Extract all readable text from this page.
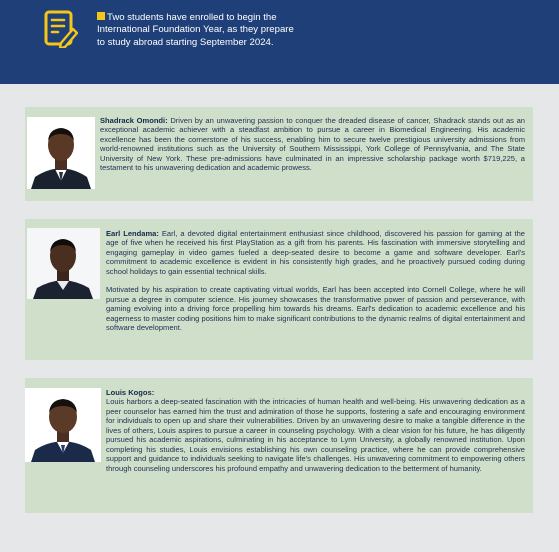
Two students have enrolled to begin the International Foundation Year, as they prepare to study abroad starting September 2024.

Shadrack Omondi: Driven by an unwavering passion to conquer the dreaded disease of cancer, Shadrack stands out as an exceptional academic achiever with a steadfast ambition to pursue a career in Biomedical Engineering. His academic excellence has been the cornerstone of his success, enabling him to secure twelve prestigious university admissions from world-renowned institutions such as the University of Southern Mississippi, York College of Pennsylvania, and The State University of New York. These pre-admissions have culminated in an impressive scholarship package worth $719,225, a testament to his unwavering dedication and academic prowess.

Earl Lendama: Earl, a devoted digital entertainment enthusiast since childhood, discovered his passion for gaming at the age of five when he received his first PlayStation as a gift from his parents. His fascination with immersive storytelling and engaging gameplay in video games fueled a deep-seated desire to become a game and software developer. Earl's commitment to academic excellence is evident in his consistently high grades, and he proactively pursued coding during school holidays to gain essential technical skills.

Motivated by his aspiration to create captivating virtual worlds, Earl has been accepted into Cornell College, where he will pursue a degree in computer science. His journey showcases the transformative power of passion and perseverance, with gaming evolving into a driving force propelling him towards his dreams. Earl's dedication to academic excellence and his eagerness to master coding positions him to make significant contributions to the dynamic realms of digital entertainment and software development.

Louis Kogos:

Louis harbors a deep-seated fascination with the intricacies of human health and well-being. His unwavering dedication as a peer counselor has earned him the trust and admiration of those he supports, fostering a safe and encouraging environment for individuals to open up and share their vulnerabilities. Driven by an unwavering desire to make a tangible difference in the lives of others, Louis aspires to pursue a career in counseling psychology. With a clear vision for his future, he has diligently pursued his academic aspirations, culminating in his acceptance to Lynn University, a globally renowned institution. Upon completing his studies, Louis envisions establishing his own counseling practice, where he can provide comprehensive support and guidance to individuals seeking to navigate life's challenges. His unwavering commitment to empowering others through counseling underscores his profound empathy and unwavering dedication to the betterment of humanity.
